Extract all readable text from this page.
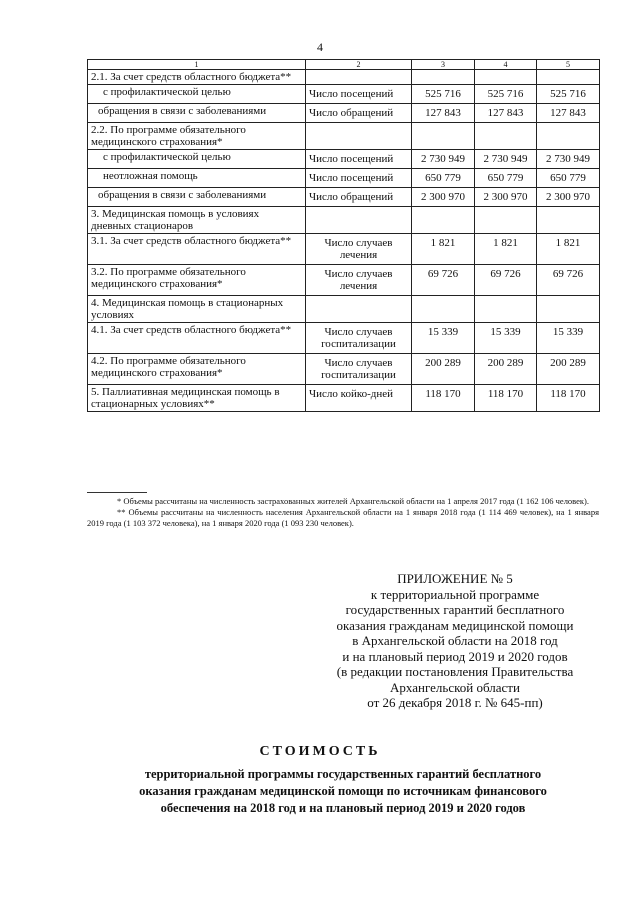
4
1	2	3	4	5
2.1. За счет средств областного бюджета**				
с профилактической целью	Число посещений	525 716	525 716	525 716
обращения в связи с заболеваниями	Число обращений	127 843	127 843	127 843
2.2. По программе обязательного медицинского страхования*				
с профилактической целью	Число посещений	2 730 949	2 730 949	2 730 949
неотложная помощь	Число посещений	650 779	650 779	650 779
обращения в связи с заболеваниями	Число обращений	2 300 970	2 300 970	2 300 970
3. Медицинская помощь в условиях дневных стационаров				
3.1. За счет средств областного бюджета**	Число случаев лечения	1 821	1 821	1 821
3.2. По программе обязательного медицинского страхования*	Число случаев лечения	69 726	69 726	69 726
4. Медицинская помощь в стационарных условиях				
4.1. За счет средств областного бюджета**	Число случаев госпитализации	15 339	15 339	15 339
4.2. По программе обязательного медицинского страхования*	Число случаев госпитализации	200 289	200 289	200 289
5. Паллиативная медицинская помощь в стационарных условиях**	Число койко-дней	118 170	118 170	118 170

* Объемы рассчитаны на численность застрахованных жителей Архангельской области на 1 апреля 2017 года (1 162 106 человек).

** Объемы рассчитаны на численность населения Архангельской области на 1 января 2018 года (1 114 469 человек), на 1 января 2019 года (1 103 372 человека), на 1 января 2020 года (1 093 230 человек).

ПРИЛОЖЕНИЕ № 5
к территориальной программе
государственных гарантий бесплатного
оказания гражданам медицинской помощи
в Архангельской области на 2018 год
и на плановый период 2019 и 2020 годов
(в редакции постановления Правительства
Архангельской области
от 26 декабря 2018 г. № 645-пп)
СТОИМОСТЬ
территориальной программы государственных гарантий бесплатного
оказания гражданам медицинской помощи по источникам финансового
обеспечения на 2018 год и на плановый период 2019 и 2020 годов
